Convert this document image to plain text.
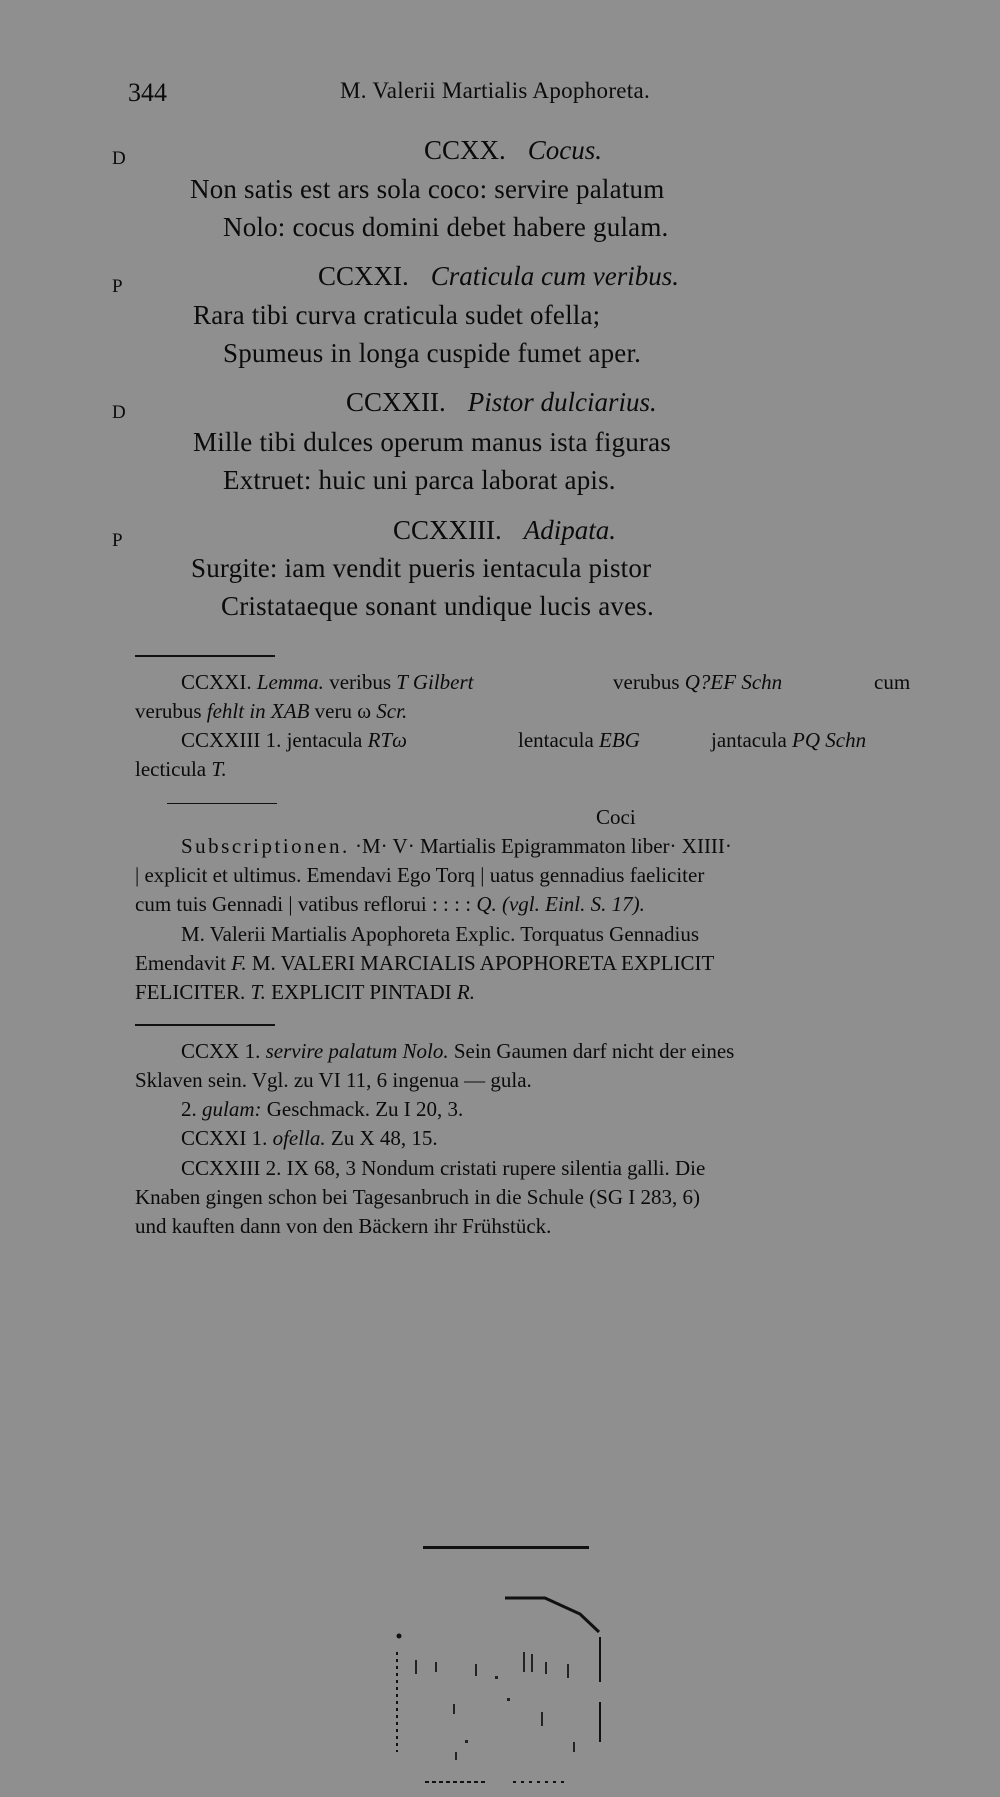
344	M. Valerii Martialis Apophoreta.
D	CCXX. Cocus.
Non satis est ars sola coco: servire palatum
Nolo: cocus domini debet habere gulam.
P	CCXXI. Craticula cum veribus.
Rara tibi curva craticula sudet ofella;
Spumeus in longa cuspide fumet aper.
D	CCXXII. Pistor dulciarius.
Mille tibi dulces operum manus ista figuras
Extruet: huic uni parca laborat apis.
P	CCXXIII. Adipata.
Surgite: iam vendit pueris ientacula pistor
Cristataeque sonant undique lucis aves.
CCXXI. Lemma. veribus T Gilbert	verubus Q?EF Schn	cum
verubus fehlt in XAB veru ω Scr.
CCXXIII 1. jentacula RTω	lentacula EBG	jantacula PQ Schn
lecticula T.
Coci
Subscriptionen. ·M· V· Martialis Epigrammaton liber· XIIII·
| explicit et ultimus. Emendavi Ego Torq | uatus gennadius faeliciter
cum tuis Gennadi | vatibus reflorui : : : : Q. (vgl. Einl. S. 17).
M. Valerii Martialis Apophoreta Explic. Torquatus Gennadius
Emendavit F. M. VALERI MARCIALIS APOPHORETA EXPLICIT
FELICITER. T. EXPLICIT PINTADI R.
CCXX 1. servire palatum Nolo. Sein Gaumen darf nicht der eines
Sklaven sein. Vgl. zu VI 11, 6 ingenua — gula.
2. gulam: Geschmack. Zu I 20, 3.
CCXXI 1. ofella. Zu X 48, 15.
CCXXIII 2. IX 68, 3 Nondum cristati rupere silentia galli. Die
Knaben gingen schon bei Tagesanbruch in die Schule (SG I 283, 6)
und kauften dann von den Bäckern ihr Frühstück.
